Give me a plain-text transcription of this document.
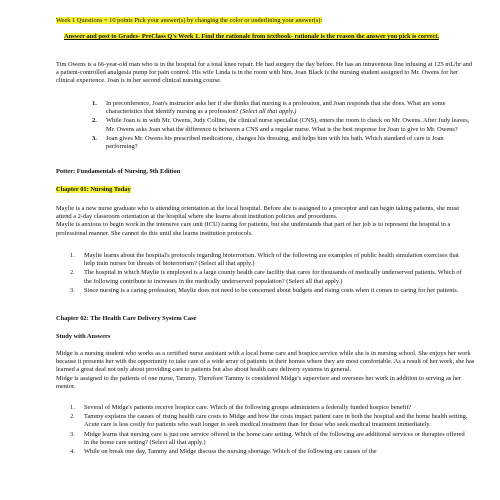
Week 1 Questions = 10 points Pick your answer(s) by changing the color or underlining your answer(s):
Answer and post to Grades- PreClass Q's Week 1. Find the rationale from textbook- rationale is the reason the answer you pick is correct.
Tim Owens is a 66-year-old man who is in the hospital for a total knee repair. He had surgery the day before. He has an intravenous line infusing at 125 mL/hr and a patient-controlled analgesia pump for pain control. His wife Linda is in the room with him. Joan Black is the nursing student assigned to Mr. Owens for her clinical experience. Joan is in her second clinical nursing course.
1. In preconference, Joan's instructor asks her if she thinks that nursing is a profession, and Joan responds that she does. What are some characteristics that identify nursing as a profession? (Select all that apply.)
2. While Joan is in with Mr. Owens, Judy Collins, the clinical nurse specialist (CNS), enters the room to check on Mr. Owens. After Judy leaves, Mr. Owens asks Joan what the difference is between a CNS and a regular nurse. What is the best response for Joan to give to Mr. Owens?
3. Joan gives Mr. Owens his prescribed medications, changes his dressing, and helps him with his bath. Which standard of care is Joan performing?
Potter: Fundamentals of Nursing, 9th Edition
Chapter 01: Nursing Today
Maylie is a new nurse graduate who is attending orientation at the local hospital. Before she is assigned to a preceptor and can begin taking patients, she must attend a 2-day classroom orientation at the hospital where she learns about institution policies and procedures.
Maylie is anxious to begin work in the intensive care unit (ICU) caring for patients, but she understands that part of her job is to represent the hospital in a professional manner. She cannot do this until she learns institution protocols.
1. Maylie learns about the hospital's protocols regarding bioterrorism. Which of the following are examples of public health simulation exercises that help train nurses for threats of bioterrorism? (Select all that apply.)
2. The hospital in which Maylie is employed is a large county health care facility that cares for thousands of medically underserved patients. Which of the following contribute to increases in the medically underserved population? (Select all that apply.)
3. Since nursing is a caring profession, Maylie does not need to be concerned about budgets and rising costs when it comes to caring for her patients.
Chapter 02: The Health Care Delivery System Case
Study with Answers
Midge is a nursing student who works as a certified nurse assistant with a local home care and hospice service while she is in nursing school. She enjoys her work because it presents her with the opportunity to take care of a wide array of patients in their homes where they are most comfortable. As a result of her work, she has learned a great deal not only about providing care to patients but also about health care delivery systems in general.
Midge is assigned to the patients of one nurse, Tammy. Therefore Tammy is considered Midge's supervisor and oversees her work in addition to serving as her mentor.
1. Several of Midge's patients receive hospice care. Which of the following groups administers a federally funded hospice benefit?
2. Tammy explains the causes of rising health care costs to Midge and how the costs impact patient care in both the hospital and the home health setting. Acute care is less costly for patients who wait longer to seek medical treatment than for those who seek medical treatment immediately.
3. Midge learns that nursing care is just one service offered in the home care setting. Which of the following are additional services or therapies offered in the home care setting? (Select all that apply.)
4. While on break one day, Tammy and Midge discuss the nursing shortage. Which of the following are causes of the
